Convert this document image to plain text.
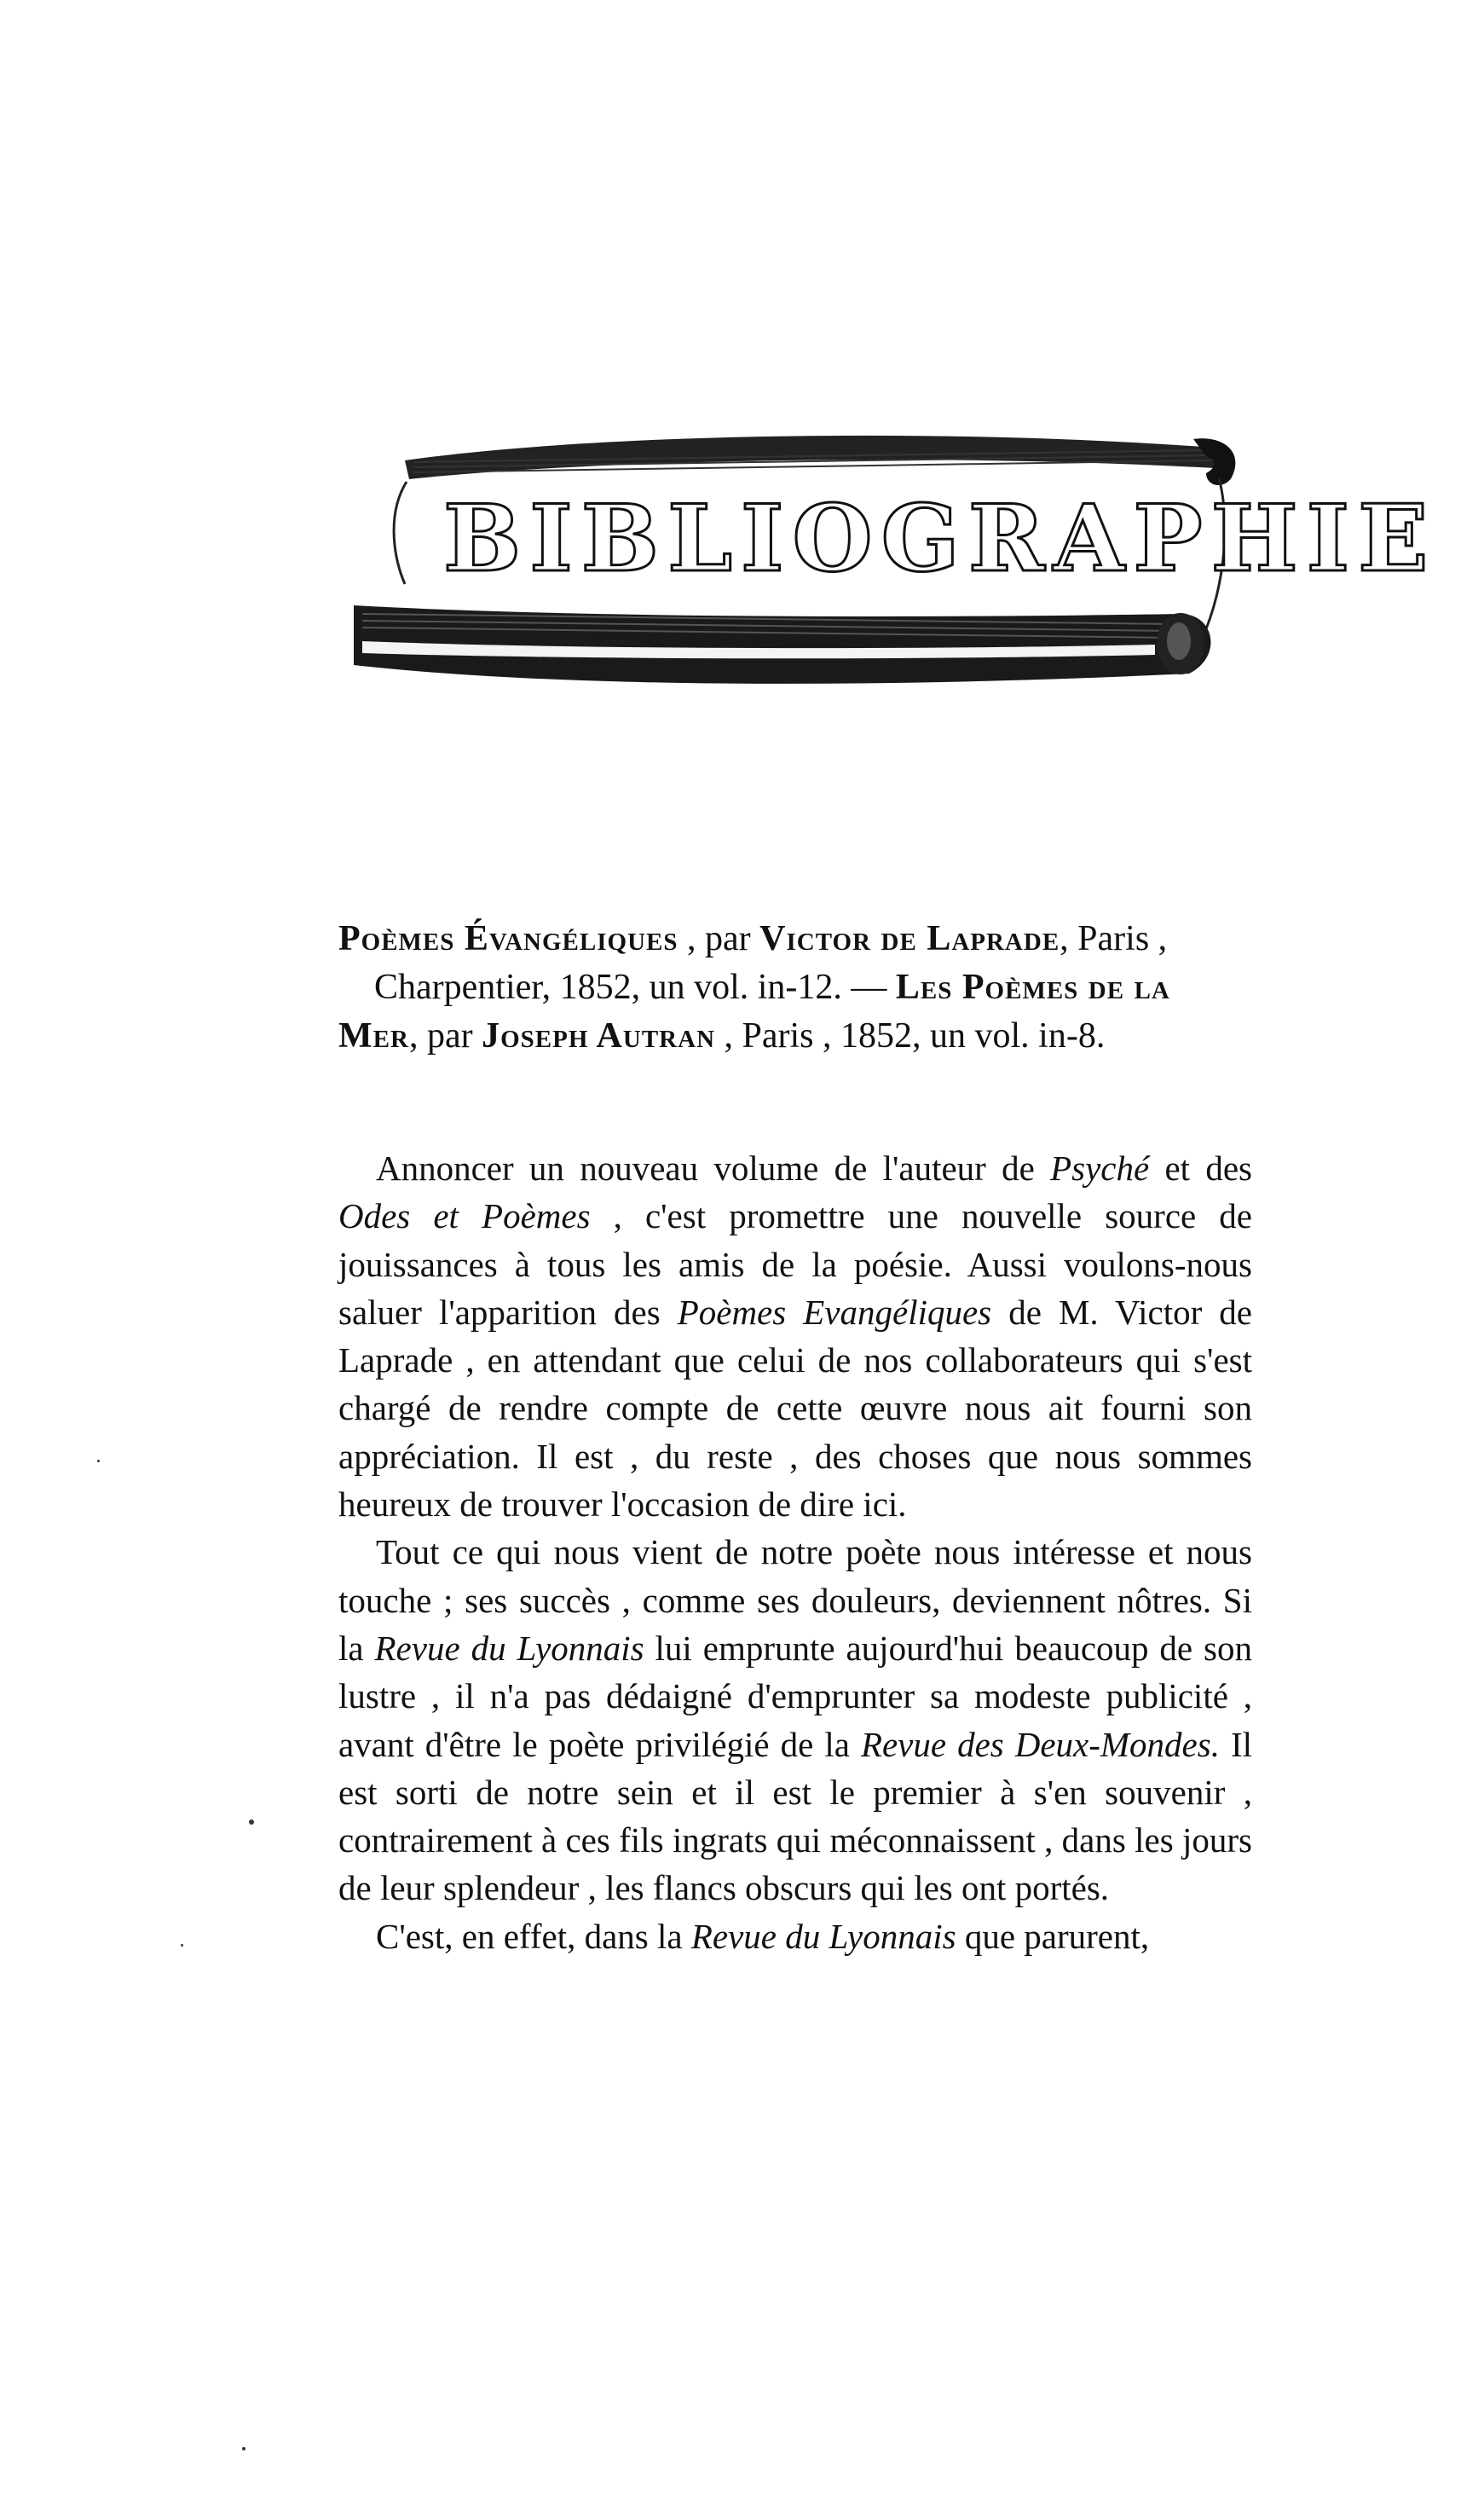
BIBLIOGRAPHIE
Poèmes Évangéliques , par Victor de Laprade, Paris ,
Charpentier, 1852, un vol. in-12. — Les Poèmes de la
Mer, par Joseph Autran , Paris , 1852, un vol. in-8.

Annoncer un nouveau volume de l'auteur de Psyché et des Odes et Poèmes , c'est promettre une nouvelle source de jouissances à tous les amis de la poésie. Aussi voulons-nous saluer l'apparition des Poèmes Evangéliques de M. Victor de Laprade , en attendant que celui de nos collaborateurs qui s'est chargé de rendre compte de cette œuvre nous ait fourni son appréciation. Il est , du reste , des choses que nous sommes heureux de trouver l'occasion de dire ici.

Tout ce qui nous vient de notre poète nous intéresse et nous touche ; ses succès , comme ses douleurs, deviennent nôtres. Si la Revue du Lyonnais lui emprunte aujourd'hui beaucoup de son lustre , il n'a pas dédaigné d'emprunter sa modeste publicité , avant d'être le poète privilégié de la Revue des Deux-Mondes. Il est sorti de notre sein et il est le premier à s'en souvenir , contrairement à ces fils ingrats qui méconnaissent , dans les jours de leur splendeur , les flancs obscurs qui les ont portés.

C'est, en effet, dans la Revue du Lyonnais que parurent,
